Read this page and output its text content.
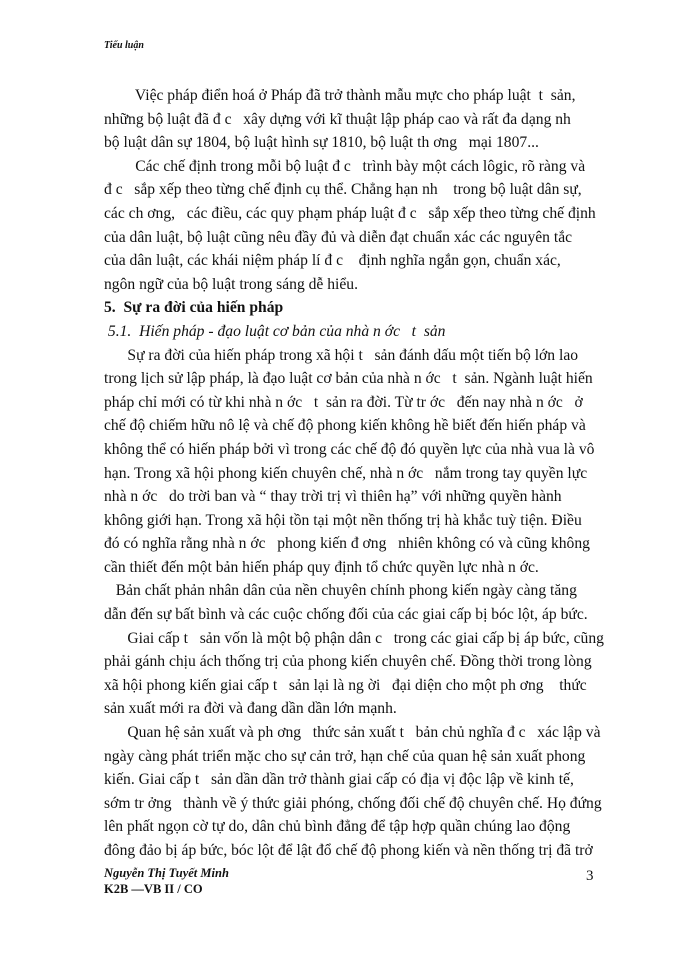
Tiểu luận
Việc pháp điển hoá ở Pháp đã trở thành mẫu mực cho pháp luật  t  sản,
những bộ luật đã đ c   xây dựng với kĩ thuật lập pháp cao và rất đa dạng nh
bộ luật dân sự 1804, bộ luật hình sự 1810, bộ luật th ơng   mại 1807...
Các chế định trong mỗi bộ luật đ c   trình bày một cách lôgic, rõ ràng và
đ c   sắp xếp theo từng chế định cụ thể. Chẳng hạn nh    trong bộ luật dân sự,
các ch ơng,   các điều, các quy phạm pháp luật đ c   sắp xếp theo từng chế định
của dân luật, bộ luật cũng nêu đầy đủ và diễn đạt chuẩn xác các nguyên tắc
của dân luật, các khái niệm pháp lí đ c    định nghĩa ngắn gọn, chuẩn xác,
ngôn ngữ của bộ luật trong sáng dễ hiểu.
5.  Sự ra đời của hiến pháp
5.1.  Hiến pháp - đạo luật cơ bản của nhà n ớc   t  sản
Sự ra đời của hiến pháp trong xã hội t   sản đánh dấu một tiến bộ lớn lao
trong lịch sử lập pháp, là đạo luật cơ bản của nhà n ớc   t  sản. Ngành luật hiến
pháp chỉ mới có từ khi nhà n ớc   t  sản ra đời. Từ tr ớc   đến nay nhà n ớc   ở
chế độ chiếm hữu nô lệ và chế độ phong kiến không hề biết đến hiến pháp và
không thể có hiến pháp bởi vì trong các chế độ đó quyền lực của nhà vua là vô
hạn. Trong xã hội phong kiến chuyên chế, nhà n ớc   nắm trong tay quyền lực
nhà n ớc   do trời ban và “ thay trời trị vì thiên hạ” với những quyền hành
không giới hạn. Trong xã hội tồn tại một nền thống trị hà khắc tuỳ tiện. Điều
đó có nghĩa rằng nhà n ớc   phong kiến đ ơng   nhiên không có và cũng không
cần thiết đến một bản hiến pháp quy định tổ chức quyền lực nhà n ớc.
Bản chất phản nhân dân của nền chuyên chính phong kiến ngày càng tăng
dẫn đến sự bất bình và các cuộc chống đối của các giai cấp bị bóc lột, áp bức.
Giai cấp t   sản vốn là một bộ phận dân c   trong các giai cấp bị áp bức, cũng
phải gánh chịu ách thống trị của phong kiến chuyên chế. Đồng thời trong lòng
xã hội phong kiến giai cấp t   sản lại là ng ời   đại diện cho một ph ơng    thức
sản xuất mới ra đời và đang dần dần lớn mạnh.
Quan hệ sản xuất và ph ơng   thức sản xuất t   bản chủ nghĩa đ c   xác lập và
ngày càng phát triển mặc cho sự cản trở, hạn chế của quan hệ sản xuất phong
kiến. Giai cấp t   sản dần dần trở thành giai cấp có địa vị độc lập về kinh tế,
sớm tr ởng   thành về ý thức giải phóng, chống đối chế độ chuyên chế. Họ đứng
lên phất ngọn cờ tự do, dân chủ bình đẳng để tập hợp quần chúng lao động
đông đảo bị áp bức, bóc lột để lật đổ chế độ phong kiến và nền thống trị đã trở
Nguyễn Thị Tuyết Minh
K2B —VB II / CO
3
